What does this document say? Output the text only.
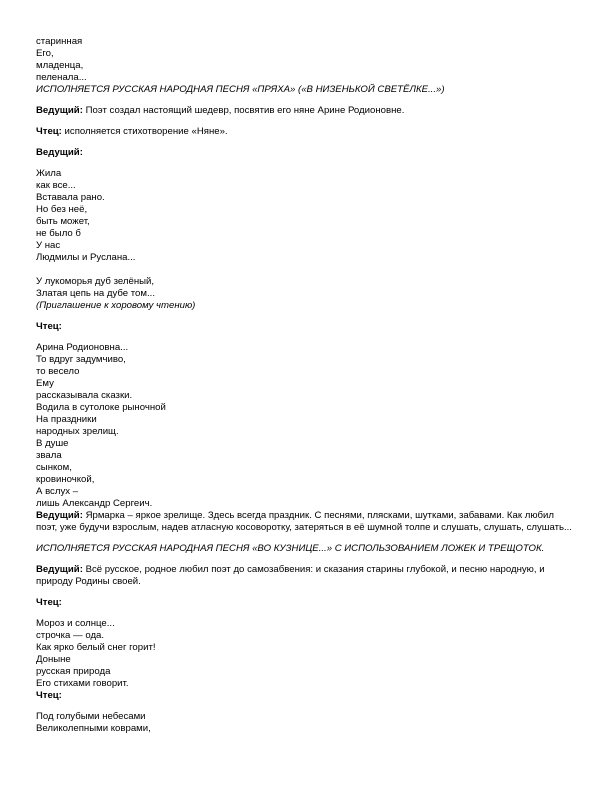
старинная
Его,
младенца,
пеленала...
ИСПОЛНЯЕТСЯ РУССКАЯ НАРОДНАЯ ПЕСНЯ «ПРЯХА» («В НИЗЕНЬКОЙ СВЕТЁЛКЕ...»)
Ведущий: Поэт создал настоящий шедевр, посвятив его няне Арине Родионовне.
Чтец: исполняется стихотворение «Няне».
Ведущий:
Жила
как все...
Вставала рано.
Но без неё,
быть может,
не было б
У нас
Людмилы и Руслана...
У лукоморья дуб зелёный,
Златая цепь на дубе том...
(Приглашение к хоровому чтению)
Чтец:
Арина Родионовна...
То вдруг задумчиво,
то весело
Ему
рассказывала сказки.
Водила в сутолоке рыночной
На праздники
народных зрелищ.
В душе
звала
сынком,
кровиночкой,
А вслух –
лишь Александр Сергеич.
Ведущий: Ярмарка – яркое зрелище. Здесь всегда праздник. С песнями, плясками, шутками, забавами. Как любил поэт, уже будучи взрослым, надев атласную косоворотку, затеряться в её шумной толпе и слушать, слушать, слушать...
ИСПОЛНЯЕТСЯ РУССКАЯ НАРОДНАЯ ПЕСНЯ «ВО КУЗНИЦЕ...» С ИСПОЛЬЗОВАНИЕМ ЛОЖЕК И ТРЕЩОТОК.
Ведущий: Всё русское, родное любил поэт до самозабвения: и сказания старины глубокой, и песню народную, и природу Родины своей.
Чтец:
Мороз и солнце...
строчка — ода.
Как ярко белый снег горит!
Доныне
русская природа
Его стихами говорит.
Чтец:
Под голубыми небесами
Великолепными коврами,
